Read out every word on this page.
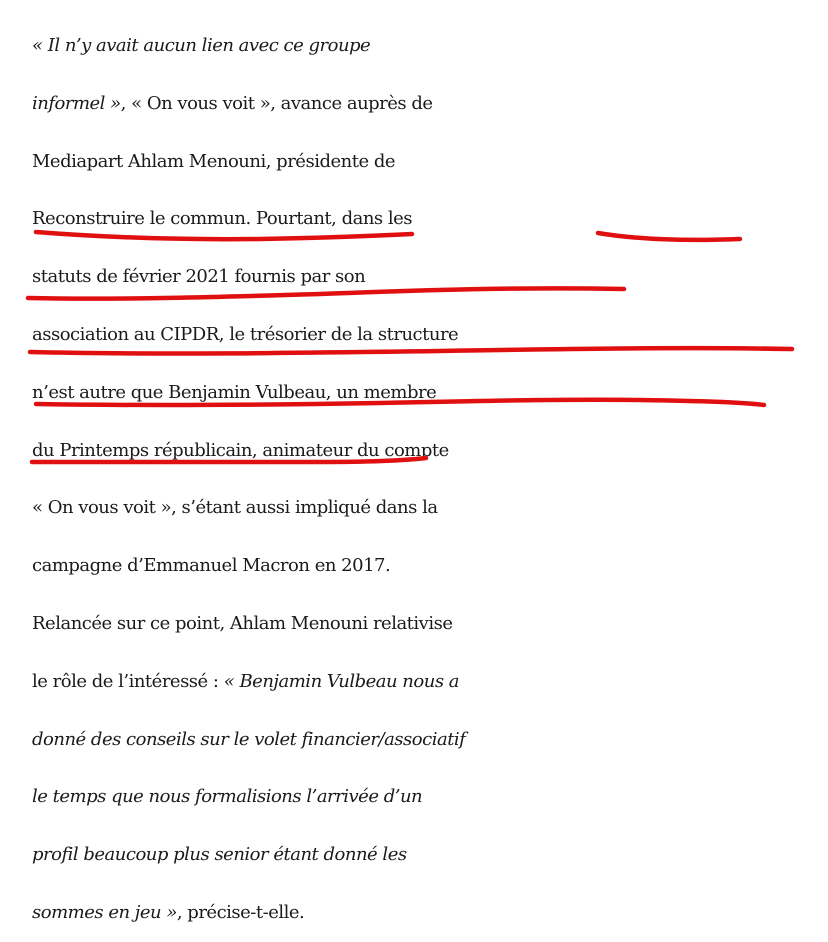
« Il n’y avait aucun lien avec ce groupe
informel », « On vous voit », avance auprès de
Mediapart Ahlam Menouni, présidente de
Reconstruire le commun. Pourtant, dans les
statuts de février 2021 fournis par son
association au CIPDR, le trésorier de la structure
n’est autre que Benjamin Vulbeau, un membre
du Printemps républicain, animateur du compte
« On vous voit », s’étant aussi impliqué dans la
campagne d’Emmanuel Macron en 2017.
Relancée sur ce point, Ahlam Menouni relativise
le rôle de l’intéressé : « Benjamin Vulbeau nous a
donné des conseils sur le volet financier/associatif
le temps que nous formalisions l’arrivée d’un
profil beaucoup plus senior étant donné les
sommes en jeu », précise-t-elle.
